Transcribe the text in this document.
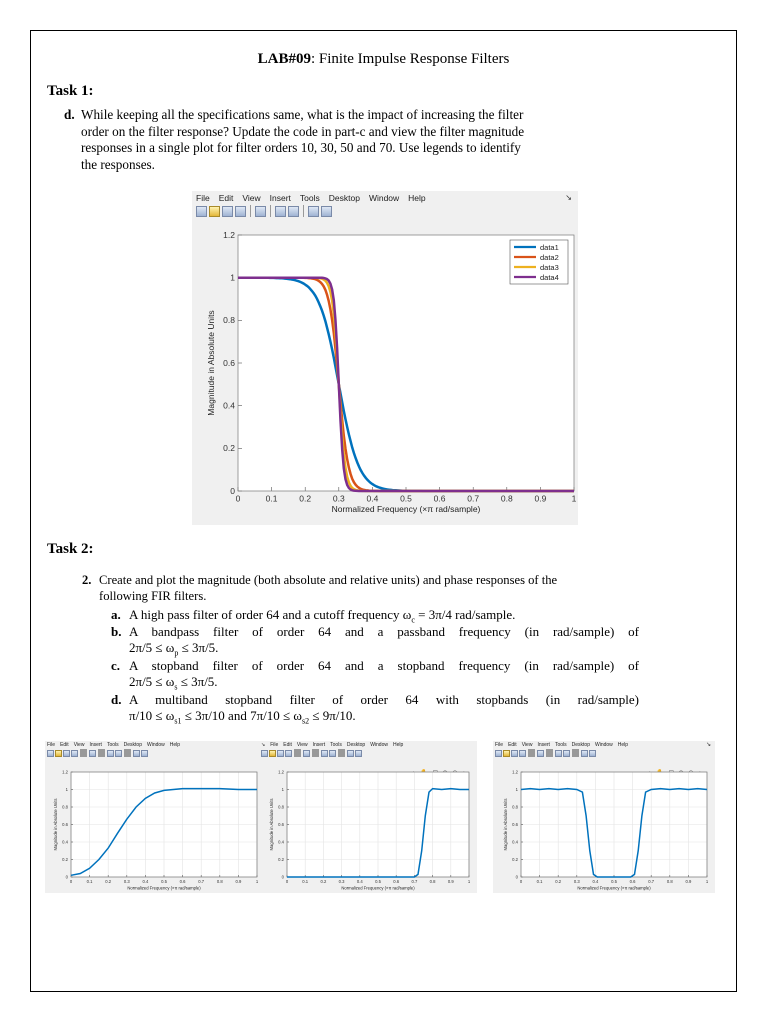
LAB#09: Finite Impulse Response Filters
Task 1:
d. While keeping all the specifications same, what is the impact of increasing the filter
order on the filter response? Update the code in part-c and view the filter magnitude
responses in a single plot for filter orders 10, 30, 50 and 70. Use legends to identify
the responses.
File Edit View Insert Tools Desktop Window Help	↘
0	0.1	0.2	0.3	0.4	0.5	0.6	0.7	0.8	0.9	1
0
0.2
0.4
0.6
0.8
1
1.2
Normalized Frequency (×π rad/sample)
Magnitude in Absolute Units
data1
data2
data3
data4
Task 2:
2. Create and plot the magnitude (both absolute and relative units) and phase responses of the
following FIR filters.
a. A high pass filter of order 64 and a cutoff frequency $\omega_c = 3\pi/4$ rad/sample.
b. A bandpass filter of order 64 and a passband frequency (in rad/sample) of
$2\pi/5 \le \omega_p \le 3\pi/5$.
c. A stopband filter of order 64 and a stopband frequency (in rad/sample) of
$2\pi/5 \le \omega_s \le 3\pi/5$.
d. A multiband stopband filter of order 64 with stopbands (in rad/sample)
$\pi/10 \le \omega_{s1} \le 3\pi/10$ and $7\pi/10 \le \omega_{s2} \le 9\pi/10$.
File Edit View Insert Tools Desktop Window Help
0	0.1	0.2	0.3	0.4	0.5	0.6	0.7	0.8	0.9	1
0
0.2
0.4
0.6
0.8
1
1.2
Normalized Frequency (×π rad/sample)
Magnitude in Absolute Units
↘ File Edit View Insert Tools Desktop Window Help
0	0.1	0.2	0.3	0.4	0.5	0.6	0.7	0.8	0.9	1
0
0.2
0.4
0.6
0.8
1
1.2
Normalized Frequency (×π rad/sample)
Magnitude in Absolute Units
File Edit View Insert Tools Desktop Window Help	↘
0	0.1	0.2	0.3	0.4	0.5	0.6	0.7	0.8	0.9	1
0
0.2
0.4
0.6
0.8
1
1.2
Normalized Frequency (×π rad/sample)
Magnitude in Absolute Units
